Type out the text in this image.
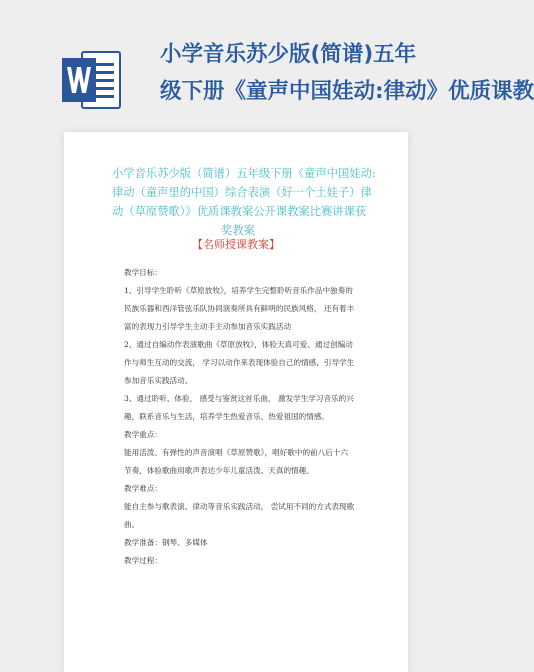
小学音乐苏少版(简谱)五年
级下册《童声中国娃动:律动》优质课教
小学音乐苏少版（简谱）五年级下册《童声中国娃动:
律动（童声里的中国）综合表演（好一个土娃子）律
动（草原赞歌）》优质课教案公开课教案比赛讲课获
奖教案
【名师授课教案】
教学目标：
1、引导学生聆听《草原放牧》，培养学生完整聆听音乐作品中独奏的
民族乐器和西洋管弦乐队协同演奏所具有鲜明的民族风格， 还有着丰
富的表现力引导学生主动手主动参加音乐实践活动
2、通过自编动作表演歌曲《草原放牧》，体验天真可爱、通过创编动
作与师生互动的交流， 学习以动作来表现体验自己的情感，引导学生
参加音乐实践活动。
3、通过聆听、体验， 感受与鉴赏这首乐曲， 激发学生学习音乐的兴
趣，联系音乐与生活，培养学生热爱音乐、热爱祖国的情感。
教学重点：
能用活泼、有弹性的声音演唱《草原赞歌》，唱好歌中的前八后十六
节奏，体验歌曲用歌声表达少年儿童活泼、天真的情趣。
教学难点：
能自主参与歌表演、律动等音乐实践活动， 尝试用不同的方式表现歌
曲。
教学准备：钢琴、多媒体
教学过程：
